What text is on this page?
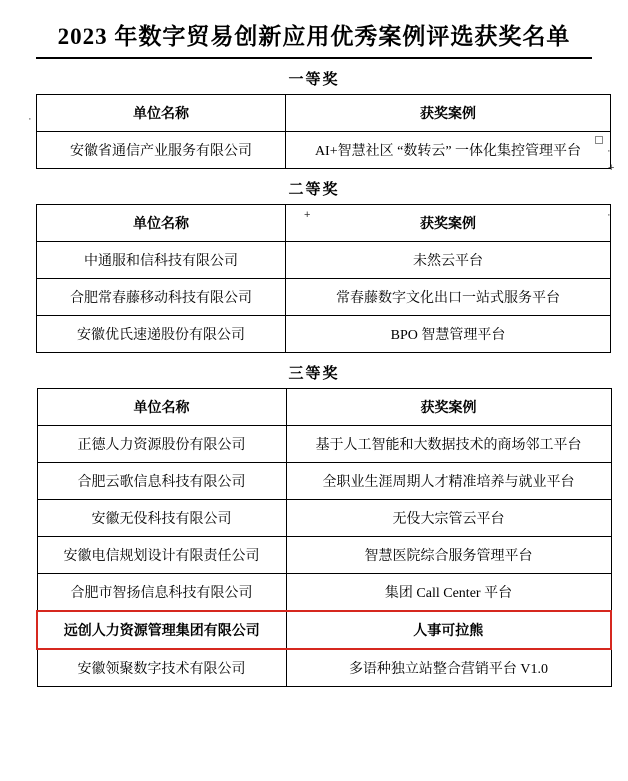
2023 年数字贸易创新应用优秀案例评选获奖名单
一等奖
单位名称	获奖案例
安徽省通信产业服务有限公司	AI+智慧社区 “数转云” 一体化集控管理平台
二等奖
单位名称	获奖案例
中通服和信科技有限公司	未然云平台
合肥常春藤移动科技有限公司	常春藤数字文化出口一站式服务平台
安徽优氏速递股份有限公司	BPO 智慧管理平台
三等奖
单位名称	获奖案例
正德人力资源股份有限公司	基于人工智能和大数据技术的商场邻工平台
合肥云歌信息科技有限公司	全职业生涯周期人才精准培养与就业平台
安徽无伇科技有限公司	无伇大宗管云平台
安徽电信规划设计有限责任公司	智慧医院综合服务管理平台
合肥市智扬信息科技有限公司	集团 Call Center 平台
远创人力资源管理集团有限公司	人事可拉熊
安徽领聚数字技术有限公司	多语种独立站整合营销平台 V1.0
·
·
+
+	·
